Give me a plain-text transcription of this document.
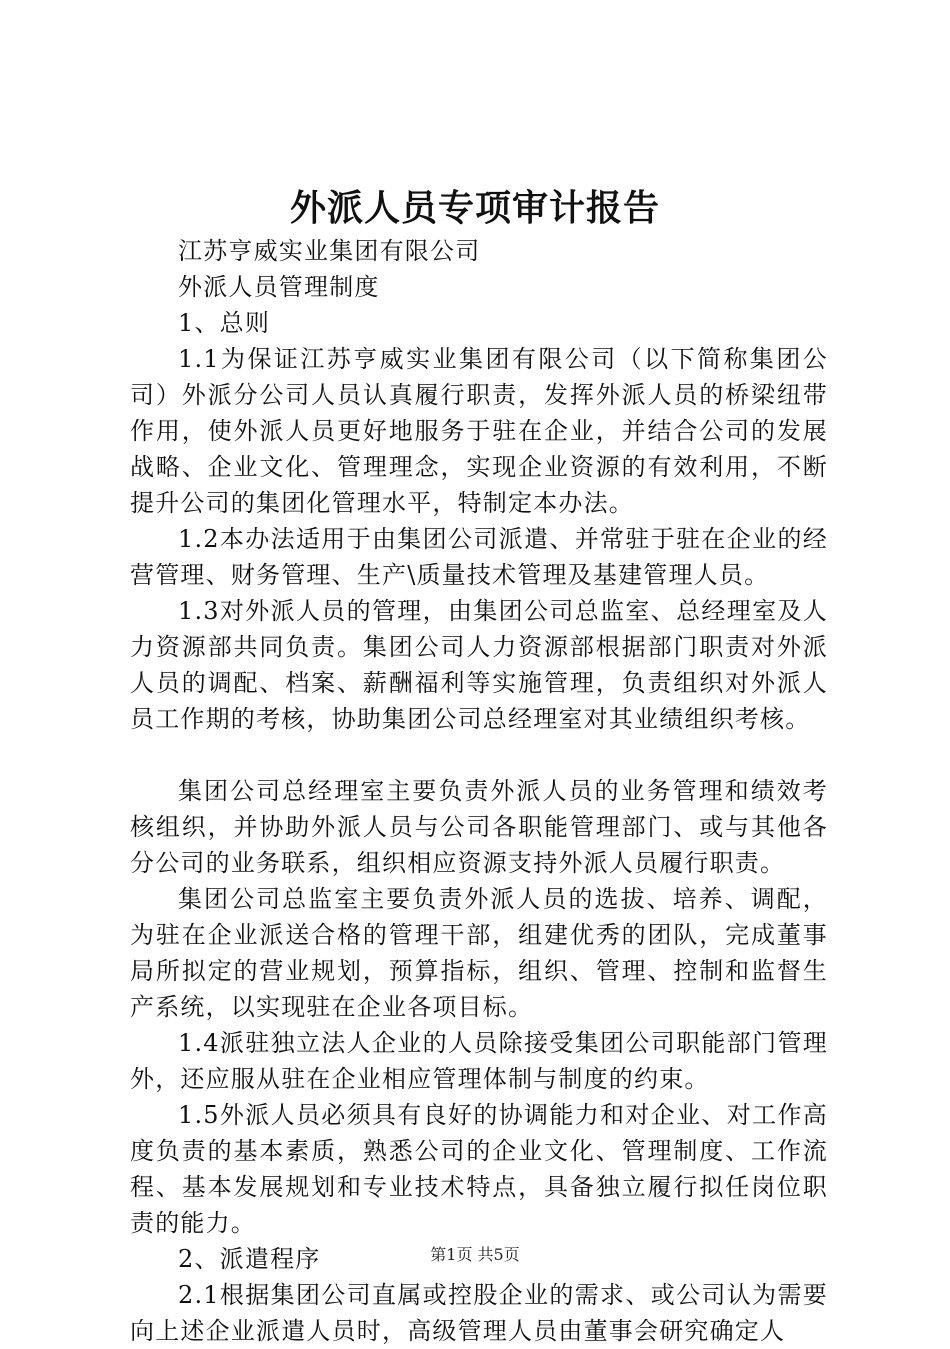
外派人员专项审计报告

江苏亨威实业集团有限公司

外派人员管理制度

1、总则

1.1为保证江苏亨威实业集团有限公司（以下简称集团公司）外派分公司人员认真履行职责，发挥外派人员的桥梁纽带作用，使外派人员更好地服务于驻在企业，并结合公司的发展战略、企业文化、管理理念，实现企业资源的有效利用，不断提升公司的集团化管理水平，特制定本办法。

1.2本办法适用于由集团公司派遣、并常驻于驻在企业的经营管理、财务管理、生产\质量技术管理及基建管理人员。

1.3对外派人员的管理，由集团公司总监室、总经理室及人力资源部共同负责。集团公司人力资源部根据部门职责对外派人员的调配、档案、薪酬福利等实施管理，负责组织对外派人员工作期的考核，协助集团公司总经理室对其业绩组织考核。

集团公司总经理室主要负责外派人员的业务管理和绩效考核组织，并协助外派人员与公司各职能管理部门、或与其他各分公司的业务联系，组织相应资源支持外派人员履行职责。

集团公司总监室主要负责外派人员的选拔、培养、调配，为驻在企业派送合格的管理干部，组建优秀的团队，完成董事局所拟定的营业规划，预算指标，组织、管理、控制和监督生产系统，以实现驻在企业各项目标。

1.4派驻独立法人企业的人员除接受集团公司职能部门管理外，还应服从驻在企业相应管理体制与制度的约束。

1.5外派人员必须具有良好的协调能力和对企业、对工作高度负责的基本素质，熟悉公司的企业文化、管理制度、工作流程、基本发展规划和专业技术特点，具备独立履行拟任岗位职责的能力。

2、派遣程序

2.1根据集团公司直属或控股企业的需求、或公司认为需要向上述企业派遣人员时，高级管理人员由董事会研究确定人

第1页 共5页
